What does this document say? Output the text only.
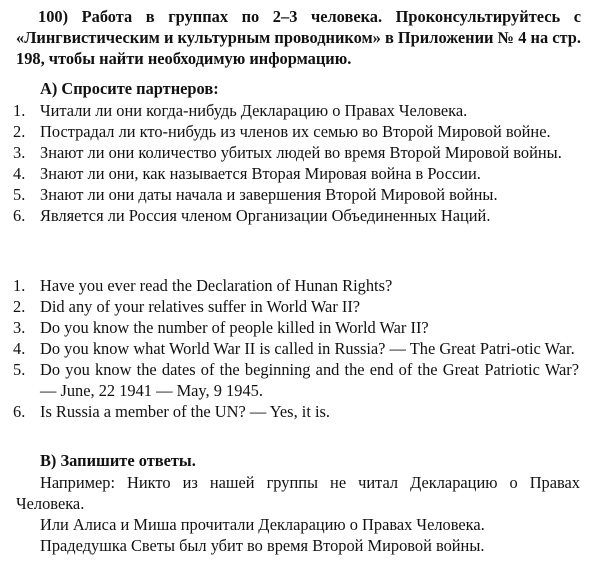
100) Работа в группах по 2–3 человека. Проконсультируйтесь с «Лингвистическим и культурным проводником» в Приложении № 4 на стр. 198, чтобы найти необходимую информацию.
А) Спросите партнеров:
1. Читали ли они когда-нибудь Декларацию о Правах Человека.
2. Пострадал ли кто-нибудь из членов их семью во Второй Мировой войне.
3. Знают ли они количество убитых людей во время Второй Мировой войны.
4. Знают ли они, как называется Вторая Мировая война в России.
5. Знают ли они даты начала и завершения Второй Мировой войны.
6. Является ли Россия членом Организации Объединенных Наций.
1. Have you ever read the Declaration of Hunan Rights?
2. Did any of your relatives suffer in World War II?
3. Do you know the number of people killed in World War II?
4. Do you know what World War II is called in Russia? — The Great Patri-otic War.
5. Do you know the dates of the beginning and the end of the Great Patriotic War? — June, 22 1941 — May, 9 1945.
6. Is Russia a member of the UN? — Yes, it is.
В) Запишите ответы.
Например: Никто из нашей группы не читал Декларацию о Правах Человека.
Или Алиса и Миша прочитали Декларацию о Правах Человека.
Прадедушка Светы был убит во время Второй Мировой войны.
